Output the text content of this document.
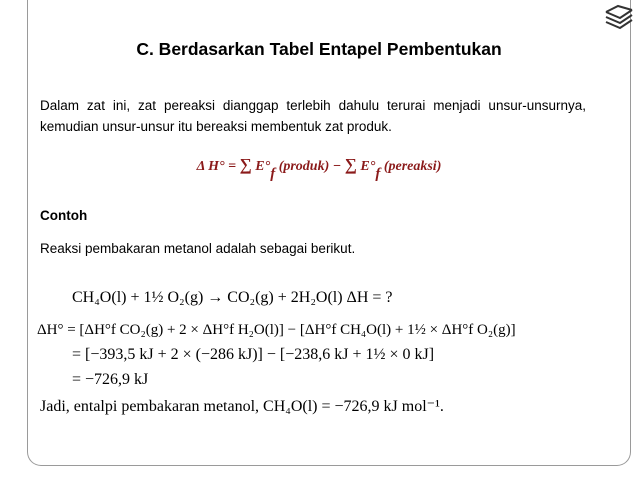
C. Berdasarkan Tabel Entapel Pembentukan
Dalam zat ini, zat pereaksi dianggap terlebih dahulu terurai menjadi unsur-unsurnya, kemudian unsur-unsur itu bereaksi membentuk zat produk.
Δ H° = ∑ E°f (produk) − ∑ E°f (pereaksi)
Contoh
Reaksi pembakaran metanol adalah sebagai berikut.
CH₄O(l) + 1½ O₂(g) → CO₂(g) + 2H₂O(l) ΔH = ?
ΔH° = [ΔH°f CO₂(g) + 2 × ΔH°f H₂O(l)] − [ΔH°f CH₄O(l) + 1½ × ΔH°f O₂(g)]
= [−393,5 kJ + 2 × (−286 kJ)] − [−238,6 kJ + 1½ × 0 kJ]
= −726,9 kJ
Jadi, entalpi pembakaran metanol, CH₄O(l) = −726,9 kJ mol⁻¹.
